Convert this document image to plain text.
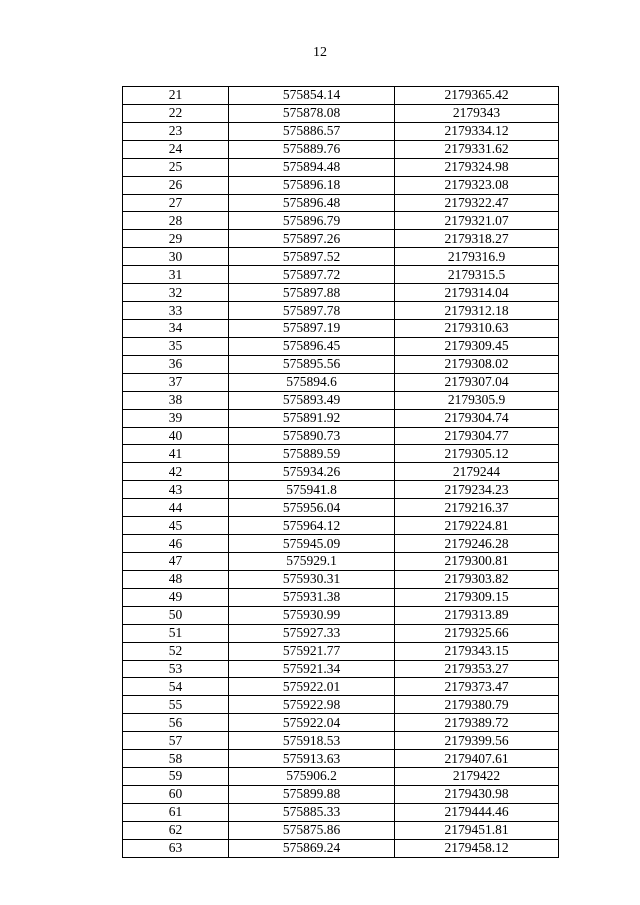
12
21	575854.14	2179365.42
22	575878.08	2179343
23	575886.57	2179334.12
24	575889.76	2179331.62
25	575894.48	2179324.98
26	575896.18	2179323.08
27	575896.48	2179322.47
28	575896.79	2179321.07
29	575897.26	2179318.27
30	575897.52	2179316.9
31	575897.72	2179315.5
32	575897.88	2179314.04
33	575897.78	2179312.18
34	575897.19	2179310.63
35	575896.45	2179309.45
36	575895.56	2179308.02
37	575894.6	2179307.04
38	575893.49	2179305.9
39	575891.92	2179304.74
40	575890.73	2179304.77
41	575889.59	2179305.12
42	575934.26	2179244
43	575941.8	2179234.23
44	575956.04	2179216.37
45	575964.12	2179224.81
46	575945.09	2179246.28
47	575929.1	2179300.81
48	575930.31	2179303.82
49	575931.38	2179309.15
50	575930.99	2179313.89
51	575927.33	2179325.66
52	575921.77	2179343.15
53	575921.34	2179353.27
54	575922.01	2179373.47
55	575922.98	2179380.79
56	575922.04	2179389.72
57	575918.53	2179399.56
58	575913.63	2179407.61
59	575906.2	2179422
60	575899.88	2179430.98
61	575885.33	2179444.46
62	575875.86	2179451.81
63	575869.24	2179458.12
